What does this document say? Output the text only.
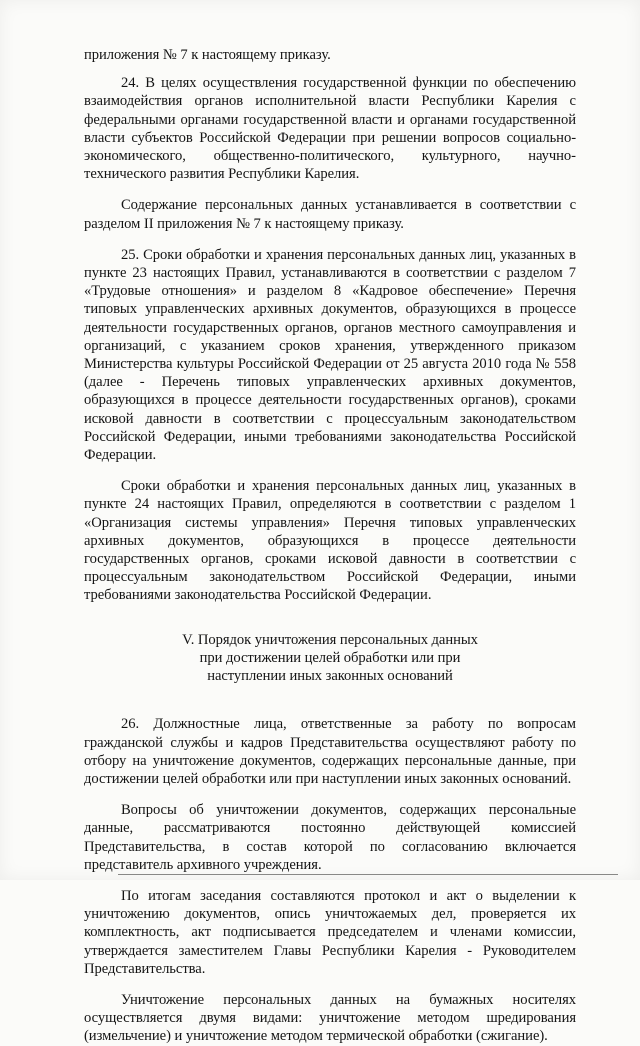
приложения № 7 к настоящему приказу.

24. В целях осуществления государственной функции по обеспечению взаимодействия органов исполнительной власти Республики Карелия с федеральными органами государственной власти и органами государственной власти субъектов Российской Федерации при решении вопросов социально-экономического, общественно-политического, культурного, научно-технического развития Республики Карелия.

Содержание персональных данных устанавливается в соответствии с разделом II приложения № 7 к настоящему приказу.

25. Сроки обработки и хранения персональных данных лиц, указанных в пункте 23 настоящих Правил, устанавливаются в соответствии с разделом 7 «Трудовые отношения» и разделом 8 «Кадровое обеспечение» Перечня типовых управленческих архивных документов, образующихся в процессе деятельности государственных органов, органов местного самоуправления и организаций, с указанием сроков хранения, утвержденного приказом Министерства культуры Российской Федерации от 25 августа 2010 года № 558 (далее - Перечень типовых управленческих архивных документов, образующихся в процессе деятельности государственных органов), сроками исковой давности в соответствии с процессуальным законодательством Российской Федерации, иными требованиями законодательства Российской Федерации.

Сроки обработки и хранения персональных данных лиц, указанных в пункте 24 настоящих Правил, определяются в соответствии с разделом 1 «Организация системы управления» Перечня типовых управленческих архивных документов, образующихся в процессе деятельности государственных органов, сроками исковой давности в соответствии с процессуальным законодательством Российской Федерации, иными требованиями законодательства Российской Федерации.

V. Порядок уничтожения персональных данных
при достижении целей обработки или при
наступлении иных законных оснований

26. Должностные лица, ответственные за работу по вопросам гражданской службы и кадров Представительства осуществляют работу по отбору на уничтожение документов, содержащих персональные данные, при достижении целей обработки или при наступлении иных законных оснований.

Вопросы об уничтожении документов, содержащих персональные данные, рассматриваются постоянно действующей комиссией Представительства, в состав которой по согласованию включается представитель архивного учреждения.

По итогам заседания составляются протокол и акт о выделении к уничтожению документов, опись уничтожаемых дел, проверяется их комплектность, акт подписывается председателем и членами комиссии, утверждается заместителем Главы Республики Карелия - Руководителем Представительства.

Уничтожение персональных данных на бумажных носителях осуществляется двумя видами: уничтожение методом шредирования (измельчение) и уничтожение методом термической обработки (сжигание).
